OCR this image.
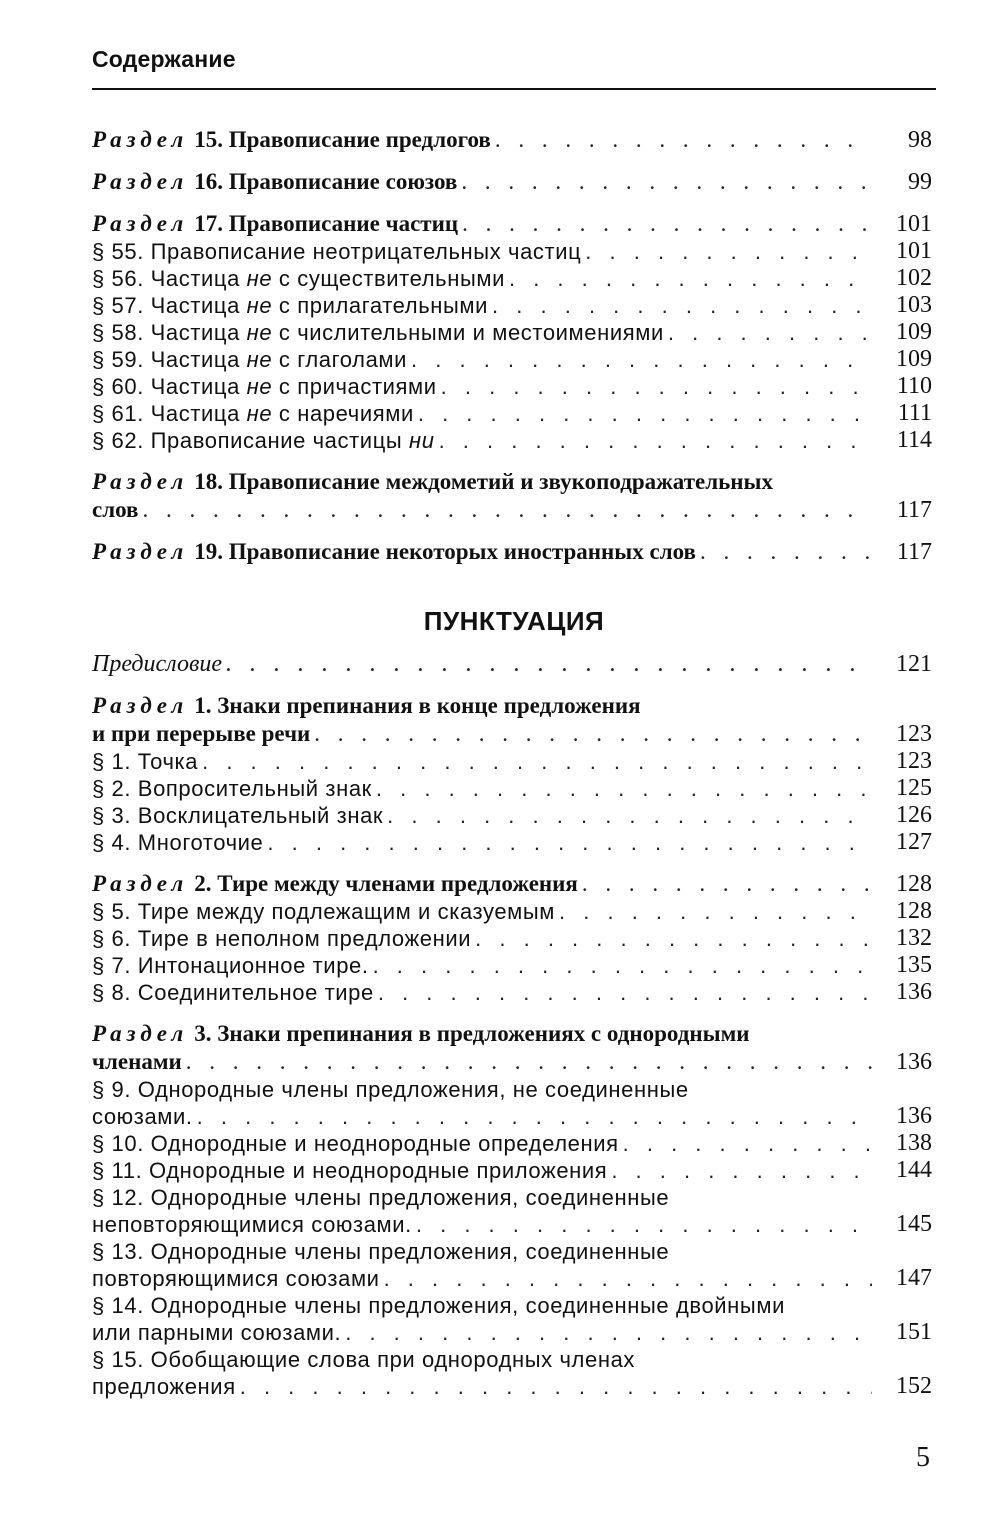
Содержание
Раздел 15. Правописание предлогов . . .	98
Раздел 16. Правописание союзов . . .	99
Раздел 17. Правописание частиц . . .	101
§ 55. Правописание неотрицательных частиц . . .	101
§ 56. Частица не с существительными . . .	102
§ 57. Частица не с прилагательными . . .	103
§ 58. Частица не с числительными и местоимениями . . .	109
§ 59. Частица не с глаголами . . .	109
§ 60. Частица не с причастиями . . .	110
§ 61. Частица не с наречиями . . .	111
§ 62. Правописание частицы ни . . .	114
Раздел 18. Правописание междометий и звукоподражательных
слов . . .	117
Раздел 19. Правописание некоторых иностранных слов . . .	117
ПУНКТУАЦИЯ
Предисловие . . .	121
Раздел 1. Знаки препинания в конце предложения
и при перерыве речи . . .	123
§ 1. Точка . . .	123
§ 2. Вопросительный знак . . .	125
§ 3. Восклицательный знак . . .	126
§ 4. Многоточие . . .	127
Раздел 2. Тире между членами предложения . . .	128
§ 5. Тире между подлежащим и сказуемым . . .	128
§ 6. Тире в неполном предложении . . .	132
§ 7. Интонационное тире. . . .	135
§ 8. Соединительное тире . . .	136
Раздел 3. Знаки препинания в предложениях с однородными
членами . . .	136
§ 9. Однородные члены предложения, не соединенные
союзами. . . .	136
§ 10. Однородные и неоднородные определения . . .	138
§ 11. Однородные и неоднородные приложения . . .	144
§ 12. Однородные члены предложения, соединенные
неповторяющимися союзами. . . .	145
§ 13. Однородные члены предложения, соединенные
повторяющимися союзами . . .	147
§ 14. Однородные члены предложения, соединенные двойными
или парными союзами. . . .	151
§ 15. Обобщающие слова при однородных членах
предложения . . .	152
5
